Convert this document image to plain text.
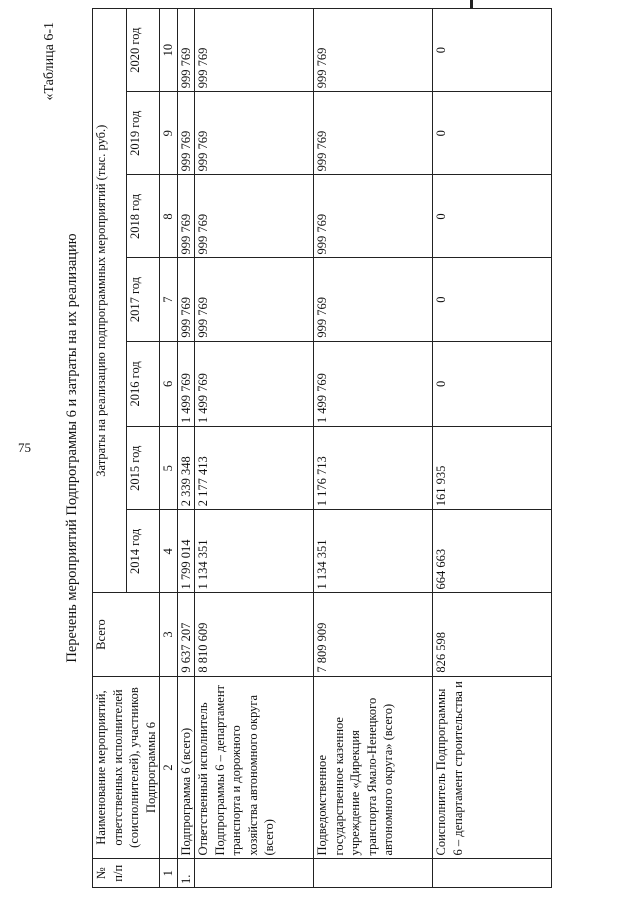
75
«Таблица 6-1
Перечень мероприятий Подпрограммы 6 и затраты на их реализацию
№ п/п	Наименование мероприятий, ответственных исполнителей (соисполнителей), участников Подпрограммы 6	Всего	Затраты на реализацию подпрограммных мероприятий (тыс. руб.)						
			2014 год	2015 год	2016 год	2017 год	2018 год	2019 год	2020 год
1	2	3	4	5	6	7	8	9	10
1.	Подпрограмма 6 (всего)	9 637 207	1 799 014	2 339 348	1 499 769	999 769	999 769	999 769	999 769
	Ответственный исполнитель Подпрограммы 6 – департамент транспорта и дорожного хозяйства автономного округа (всего)	8 810 609	1 134 351	2 177 413	1 499 769	999 769	999 769	999 769	999 769
	Подведомственное государственное казенное учреждение «Дирекция транспорта Ямало-Ненецкого автономного округа» (всего)	7 809 909	1 134 351	1 176 713	1 499 769	999 769	999 769	999 769	999 769
	Соисполнитель Подпрограммы 6 – департамент строительства и	826 598	664 663	161 935	0	0	0	0	0
